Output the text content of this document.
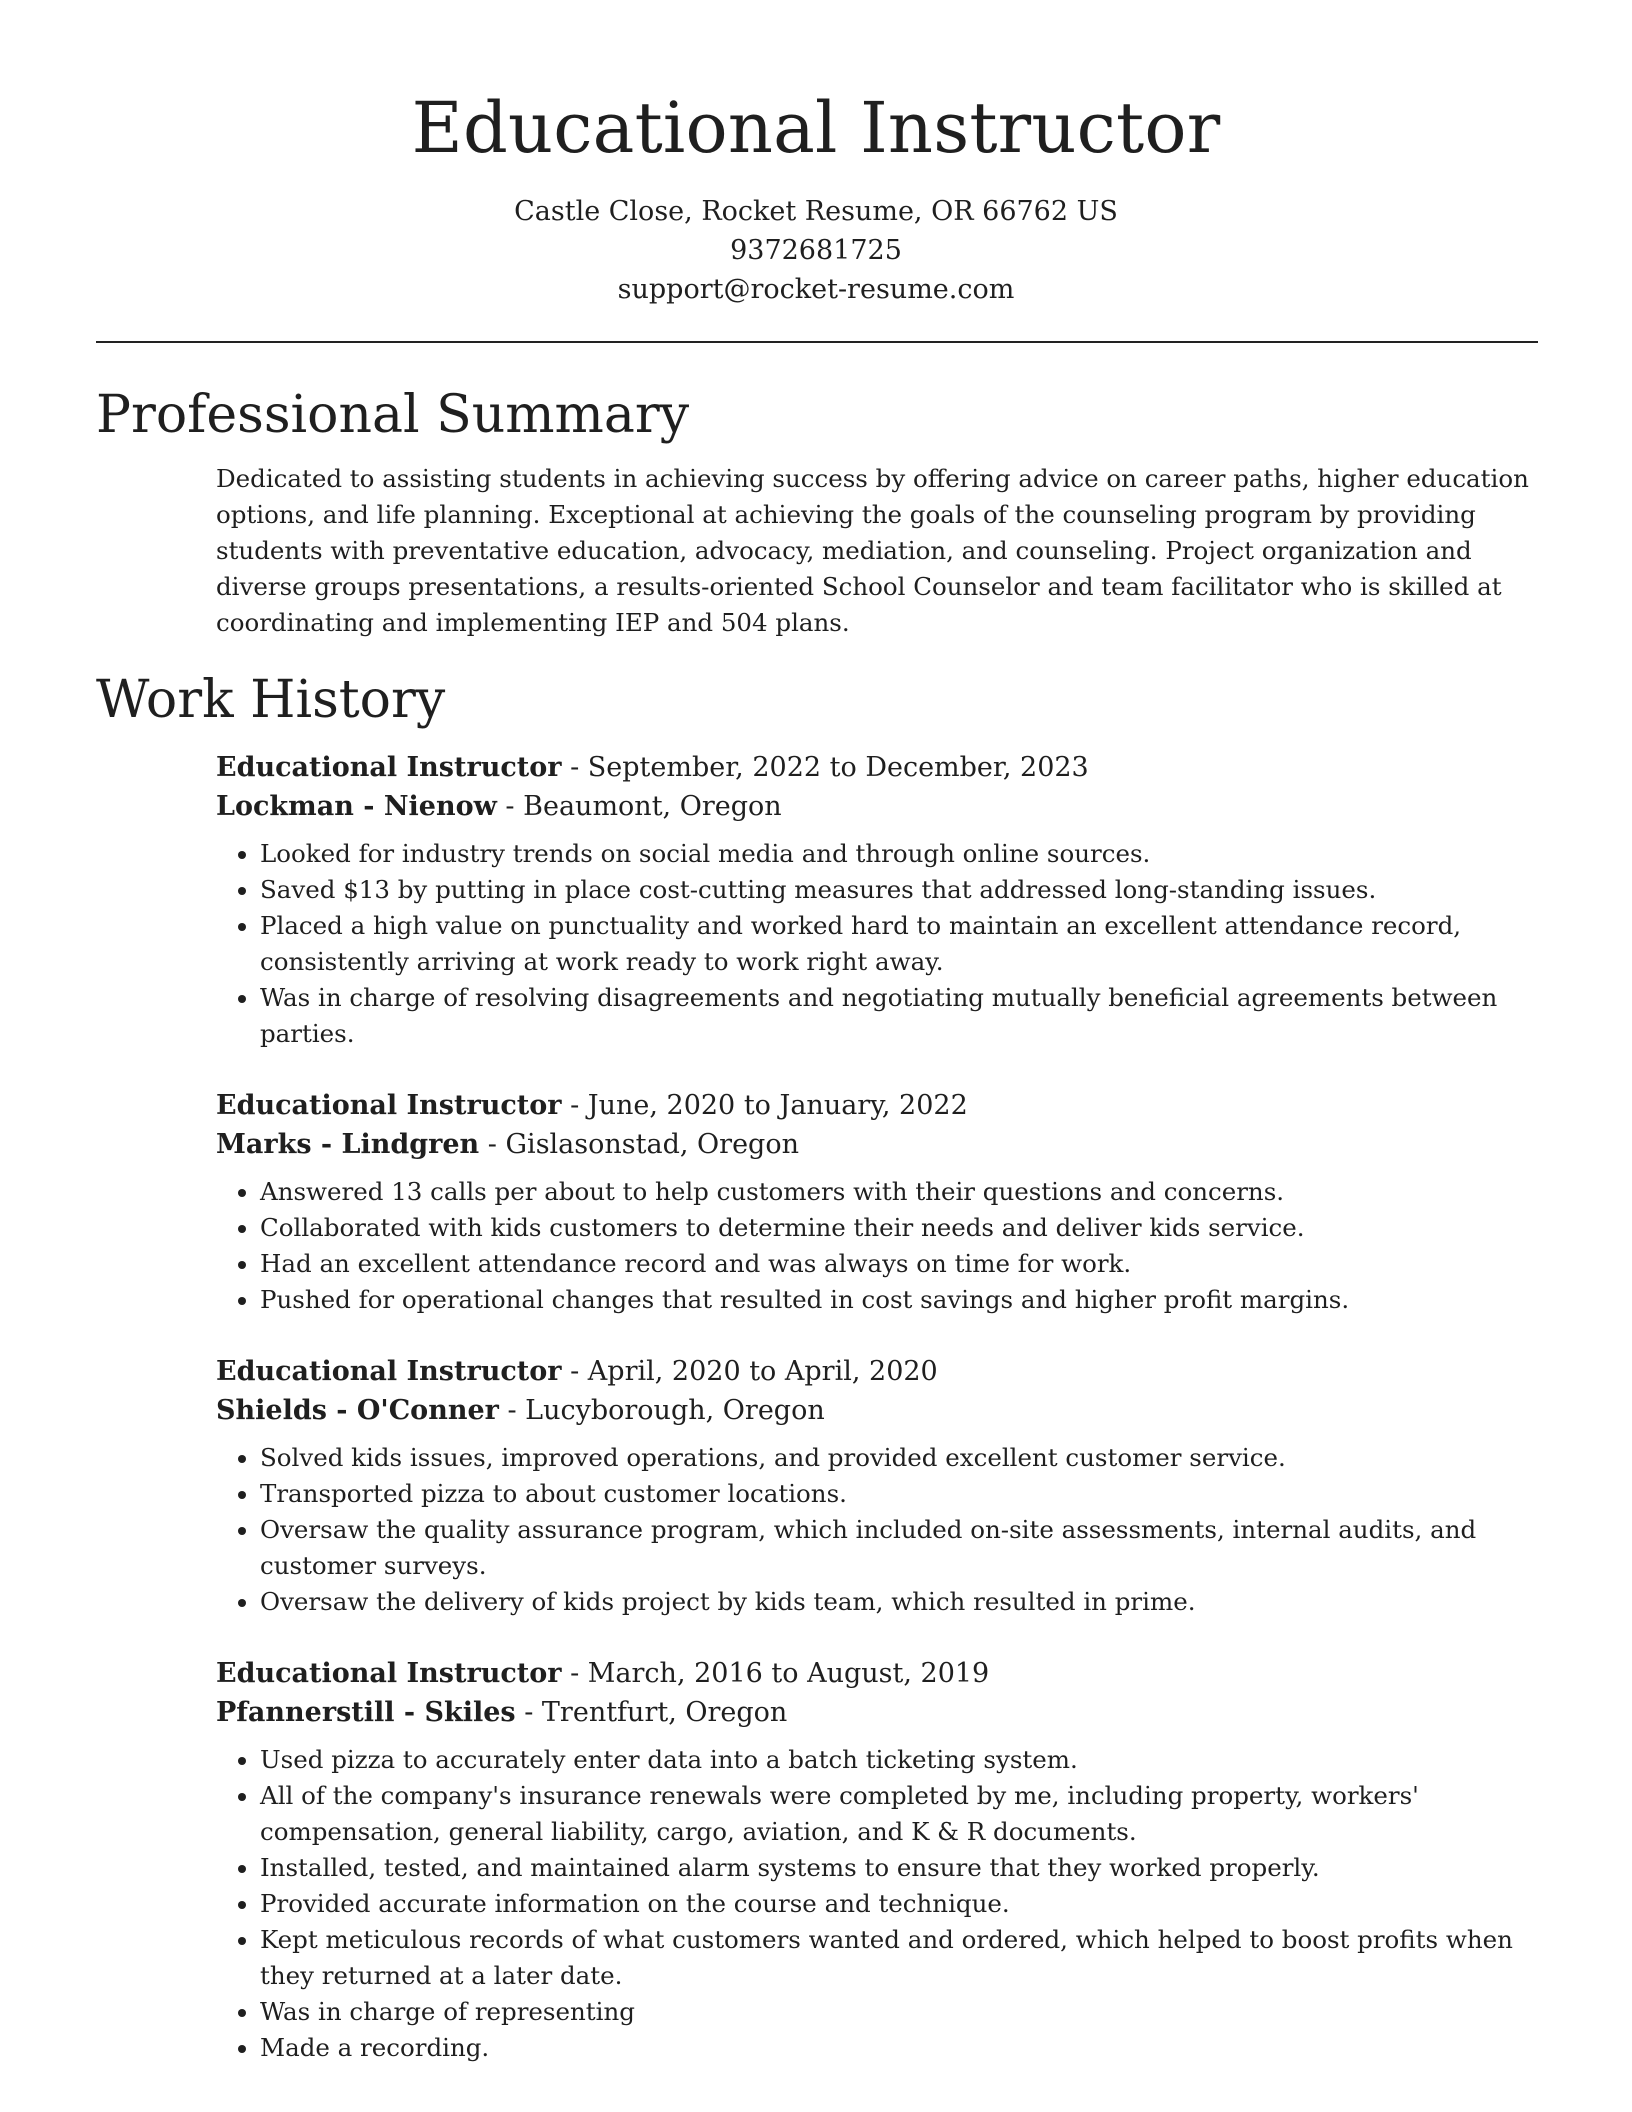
Educational Instructor
Castle Close, Rocket Resume, OR 66762 US
9372681725
support@rocket-resume.com
Professional Summary

Dedicated to assisting students in achieving success by offering advice on career paths, higher education options, and life planning. Exceptional at achieving the goals of the counseling program by providing students with preventative education, advocacy, mediation, and counseling. Project organization and diverse groups presentations, a results-oriented School Counselor and team facilitator who is skilled at coordinating and implementing IEP and 504 plans.

Work History
Educational Instructor - September, 2022 to December, 2023
Lockman - Nienow - Beaumont, Oregon
• Looked for industry trends on social media and through online sources.
• Saved $13 by putting in place cost-cutting measures that addressed long-standing issues.
• Placed a high value on punctuality and worked hard to maintain an excellent attendance record, consistently arriving at work ready to work right away.
• Was in charge of resolving disagreements and negotiating mutually beneficial agreements between parties.
Educational Instructor - June, 2020 to January, 2022
Marks - Lindgren - Gislasonstad, Oregon
• Answered 13 calls per about to help customers with their questions and concerns.
• Collaborated with kids customers to determine their needs and deliver kids service.
• Had an excellent attendance record and was always on time for work.
• Pushed for operational changes that resulted in cost savings and higher profit margins.
Educational Instructor - April, 2020 to April, 2020
Shields - O'Conner - Lucyborough, Oregon
• Solved kids issues, improved operations, and provided excellent customer service.
• Transported pizza to about customer locations.
• Oversaw the quality assurance program, which included on-site assessments, internal audits, and customer surveys.
• Oversaw the delivery of kids project by kids team, which resulted in prime.
Educational Instructor - March, 2016 to August, 2019
Pfannerstill - Skiles - Trentfurt, Oregon
• Used pizza to accurately enter data into a batch ticketing system.
• All of the company's insurance renewals were completed by me, including property, workers' compensation, general liability, cargo, aviation, and K & R documents.
• Installed, tested, and maintained alarm systems to ensure that they worked properly.
• Provided accurate information on the course and technique.
• Kept meticulous records of what customers wanted and ordered, which helped to boost profits when they returned at a later date.
• Was in charge of representing
• Made a recording.
